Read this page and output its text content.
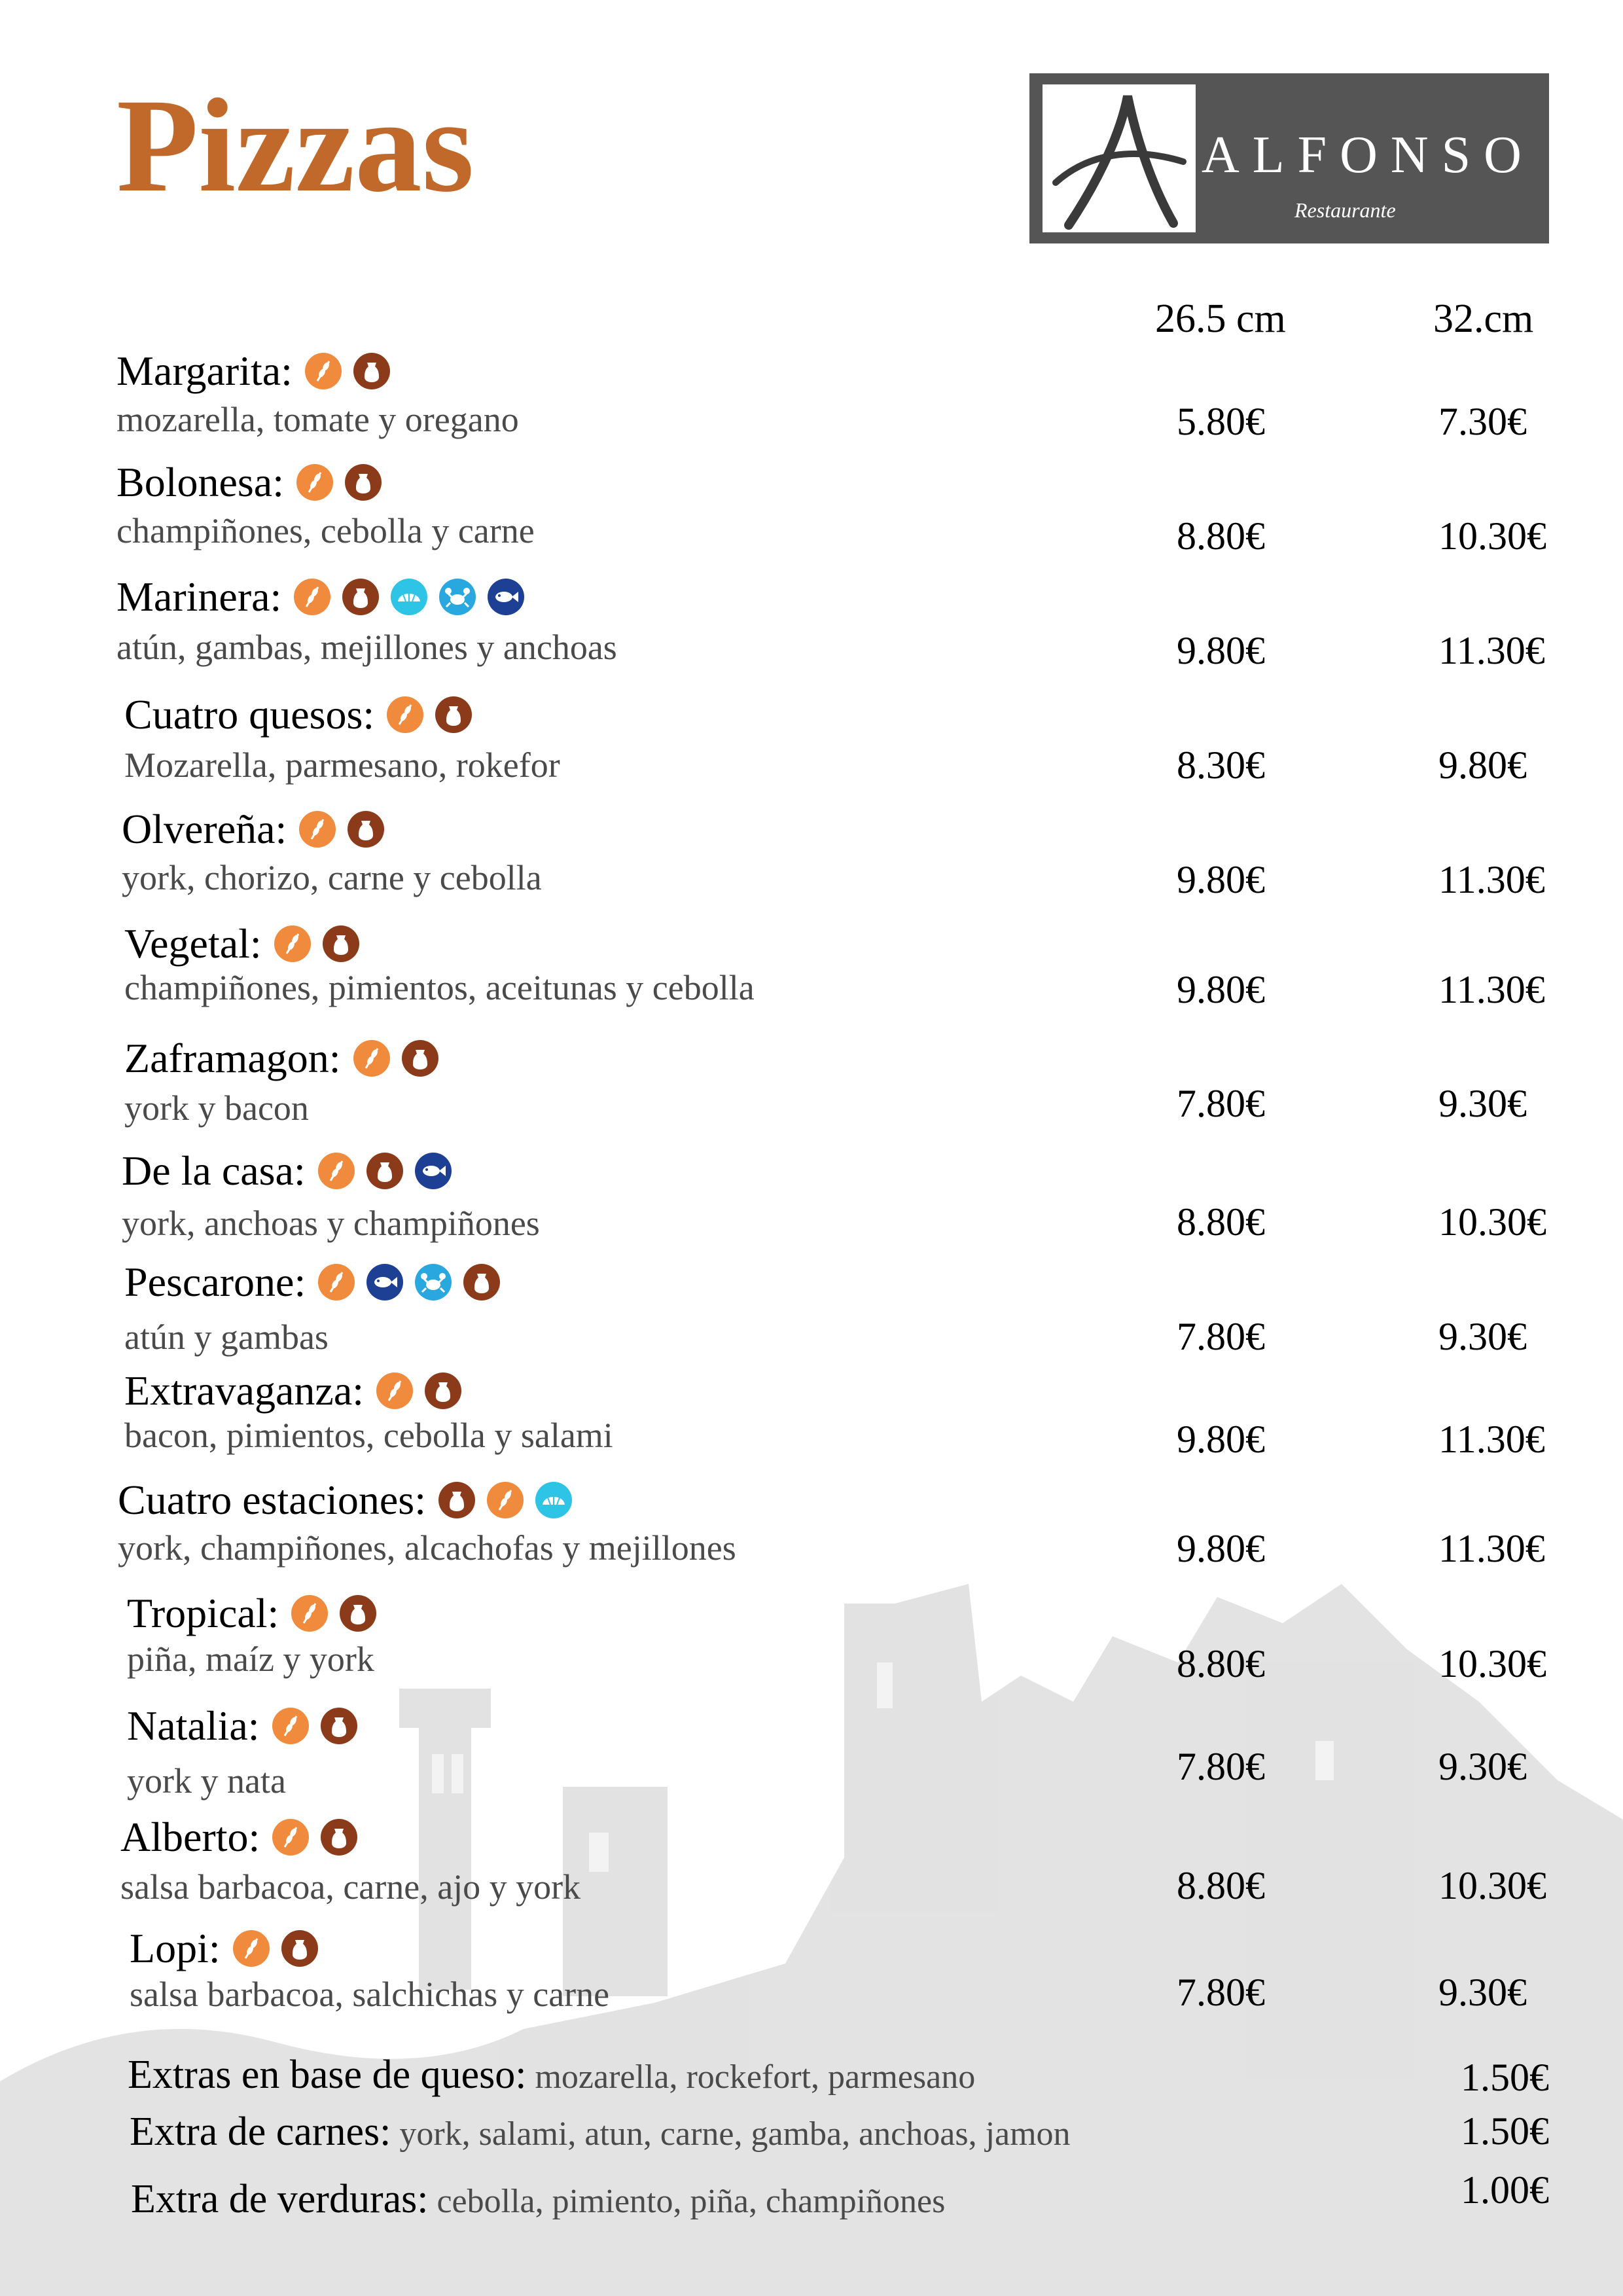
Pizzas	ALFONSO
Restaurante
26.5 cm	32.cm
Margarita:
mozarella, tomate y oregano	5.80€	7.30€
Bolonesa:
champiñones, cebolla y carne	8.80€	10.30€
Marinera:
atún, gambas, mejillones y anchoas	9.80€	11.30€
Cuatro quesos:
Mozarella, parmesano, rokefor	8.30€	9.80€
Olvereña:
york, chorizo, carne y cebolla	9.80€	11.30€
Vegetal:
champiñones, pimientos, aceitunas y cebolla	9.80€	11.30€
Zaframagon:
york y bacon	7.80€	9.30€
De la casa:
york, anchoas y champiñones	8.80€	10.30€
Pescarone:
atún y gambas	7.80€	9.30€
Extravaganza:
bacon, pimientos, cebolla y salami	9.80€	11.30€
Cuatro estaciones:
york, champiñones, alcachofas y mejillones	9.80€	11.30€
Tropical:
piña, maíz y york	8.80€	10.30€
Natalia:
york y nata	7.80€	9.30€
Alberto:
salsa barbacoa, carne, ajo y york	8.80€	10.30€
Lopi:
salsa barbacoa, salchichas y carne	7.80€	9.30€
Extras en base de queso: mozarella, rockefort, parmesano	1.50€
Extra de carnes: york, salami, atun, carne, gamba, anchoas, jamon	1.50€
Extra de verduras: cebolla, pimiento, piña, champiñones	1.00€
